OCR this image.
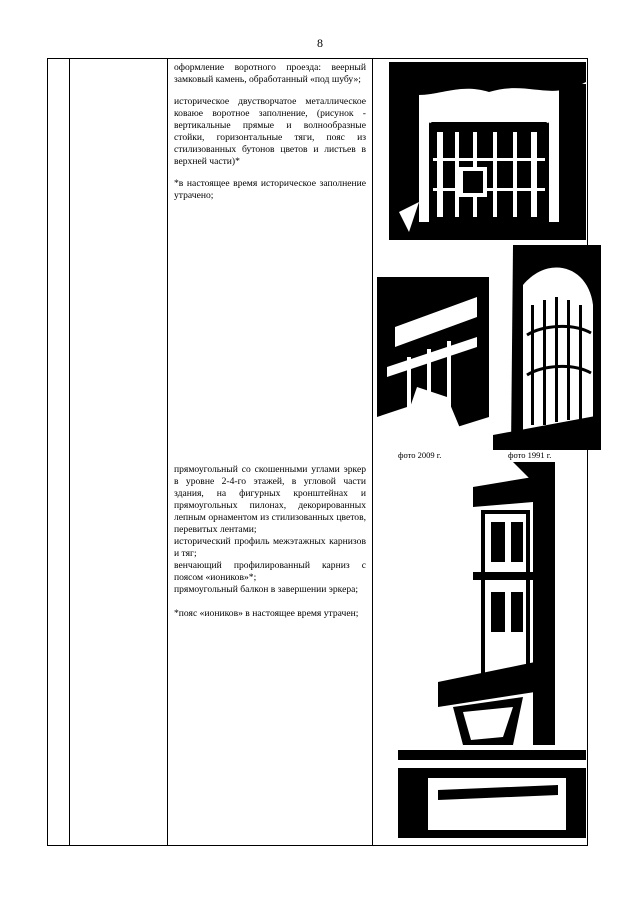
8

оформление воротного проезда: веерный замковый камень, обработанный «под шубу»;

историческое двустворчатое металлическое коваюе воротное заполнение, (рисунок - вертикальные прямые и волнообразные стойки, горизонтальные тяги, пояс из стилизованных бутонов цветов и листьев в верхней части)*

*в настоящее время историческое заполнение утрачено;

прямоугольный со скошенными углами эркер в уровне 2-4-го этажей, в угловой части здания, на фигурных кронштейнах и прямоугольных пилонах, декорированных лепным орнаментом из стилизованных цветов, перевитых лентами;
исторический профиль межэтажных карнизов и тяг;
венчающий профилированный карниз с поясом «иоников»*;
прямоугольный балкон в завершении эркера;
*пояс «иоников» в настоящее время утрачен;
фото 2009 г.	фото 1991 г.
